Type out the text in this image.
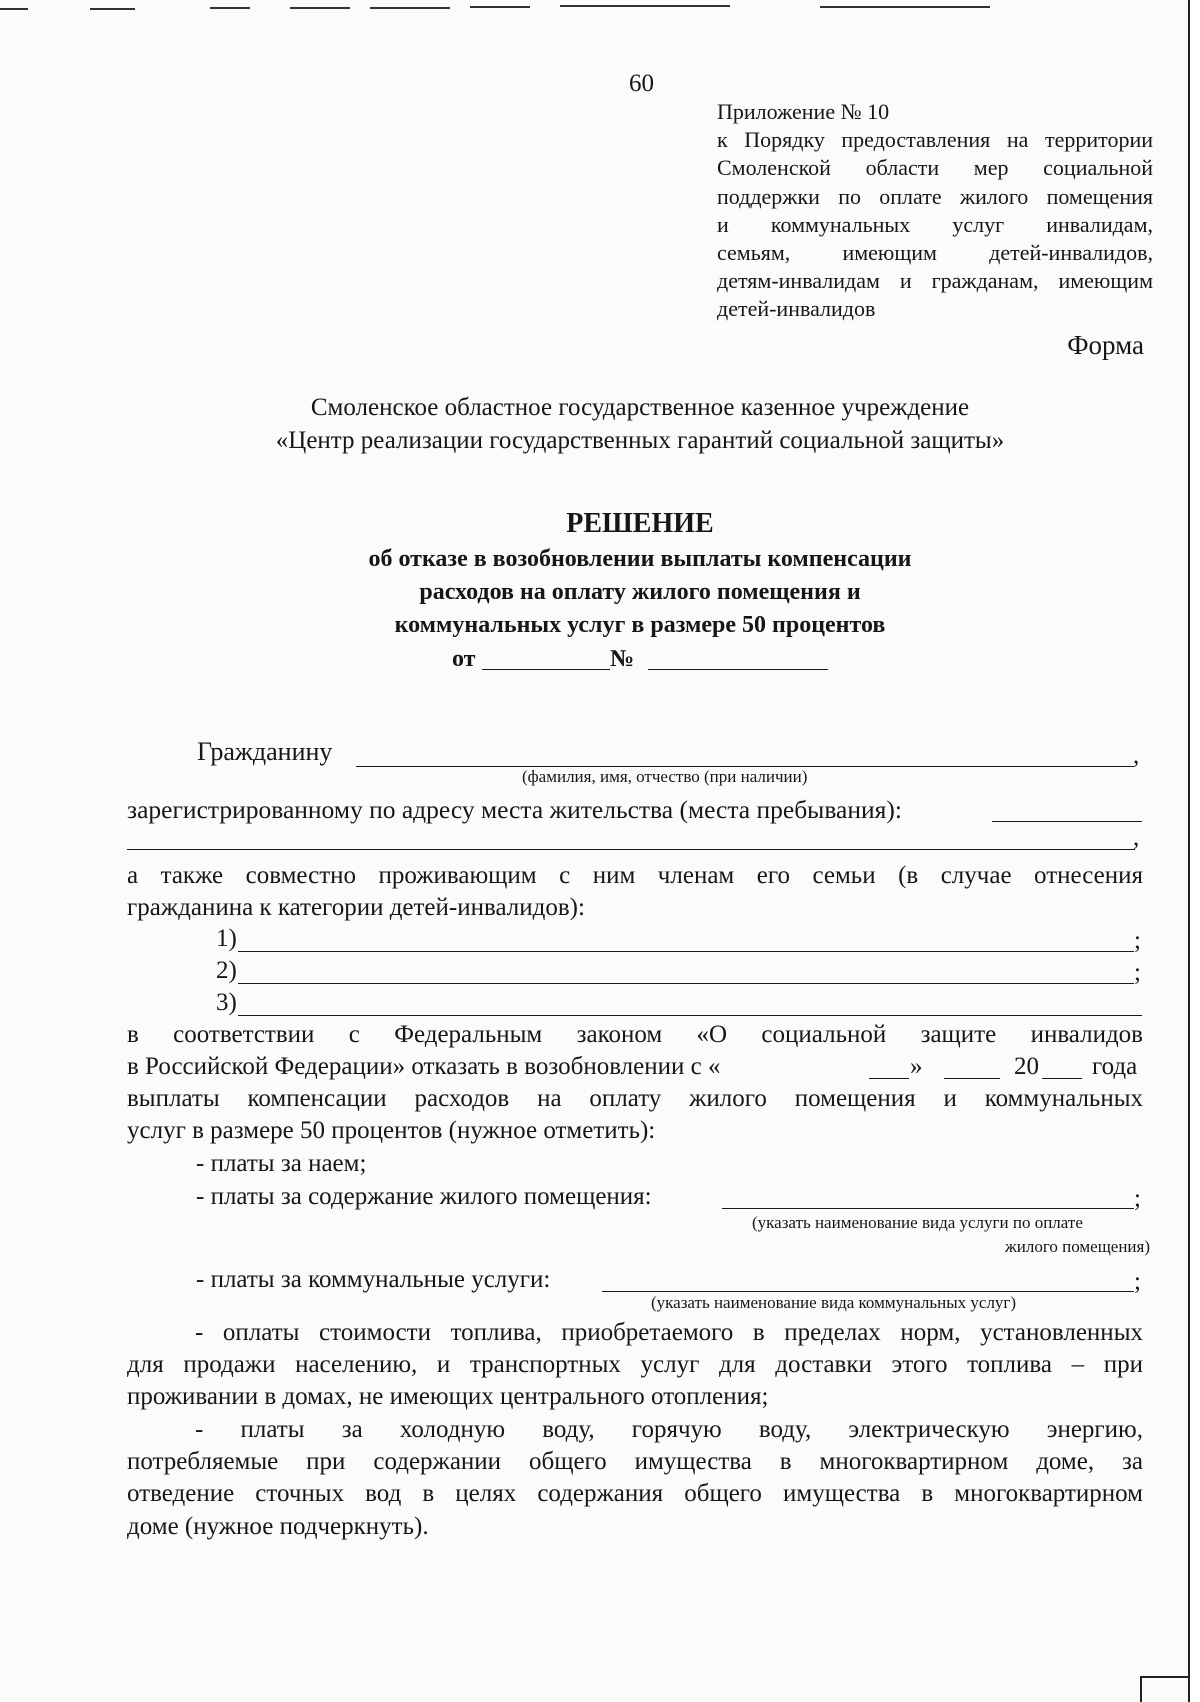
60
Приложение № 10
к Порядку предоставления на территории
Смоленской области мер социальной
поддержки по оплате жилого помещения
и коммунальных услуг инвалидам,
семьям, имеющим детей-инвалидов,
детям-инвалидам и гражданам, имеющим
детей-инвалидов
Форма
Смоленское областное государственное казенное учреждение
«Центр реализации государственных гарантий социальной защиты»
РЕШЕНИЕ
об отказе в возобновлении выплаты компенсации
расходов на оплату жилого помещения и
коммунальных услуг в размере 50 процентов
от	№
Гражданину	,
(фамилия, имя, отчество (при наличии)
зарегистрированному по адресу места жительства (места пребывания):
,
а также совместно проживающим с ним членам его семьи (в случае отнесения
гражданина к категории детей-инвалидов):
1)	;
2)	;
3)
в соответствии с Федеральным законом «О социальной защите инвалидов
в Российской Федерации» отказать в возобновлении с «	»	20 года
выплаты компенсации расходов на оплату жилого помещения и коммунальных
услуг в размере 50 процентов (нужное отметить):
- платы за наем;
- платы за содержание жилого помещения:	;
(указать наименование вида услуги по оплате
жилого помещения)
- платы за коммунальные услуги:	;
(указать наименование вида коммунальных услуг)
- оплаты стоимости топлива, приобретаемого в пределах норм, установленных
для продажи населению, и транспортных услуг для доставки этого топлива – при
проживании в домах, не имеющих центрального отопления;
- платы за холодную воду, горячую воду, электрическую энергию,
потребляемые при содержании общего имущества в многоквартирном доме, за
отведение сточных вод в целях содержания общего имущества в многоквартирном
доме (нужное подчеркнуть).
